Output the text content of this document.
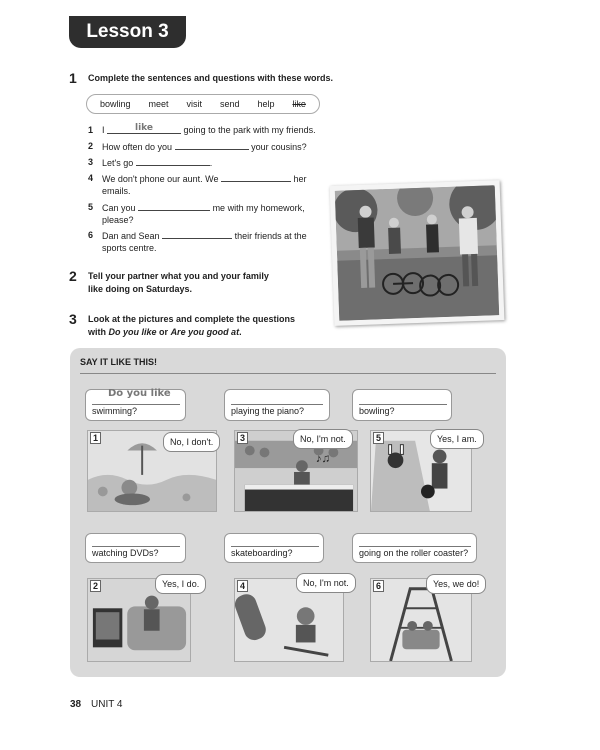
Lesson 3
1 Complete the sentences and questions with these words.
bowling meet visit send help like
1 I	like	going to the park with my friends.
2 How often do you	your cousins?
3 Let's go	.
4 We don't phone our aunt. We	her emails.
5 Can you	me with my homework, please?
6 Dan and Sean	their friends at the sports centre.
2 Tell your partner what you and your family
like doing on Saturdays.
3 Look at the pictures and complete the questions
with Do you like or Are you good at.
SAY IT LIKE THIS!
Do you like
swimming?	playing the piano?	bowling?
1
♪♫
3	5
No, I don't.	No, I'm not.	Yes, I am.
watching DVDs?	skateboarding?	going on the roller coaster?
2	4	6
Yes, I do.	No, I'm not.	Yes, we do!
38 UNIT 4
